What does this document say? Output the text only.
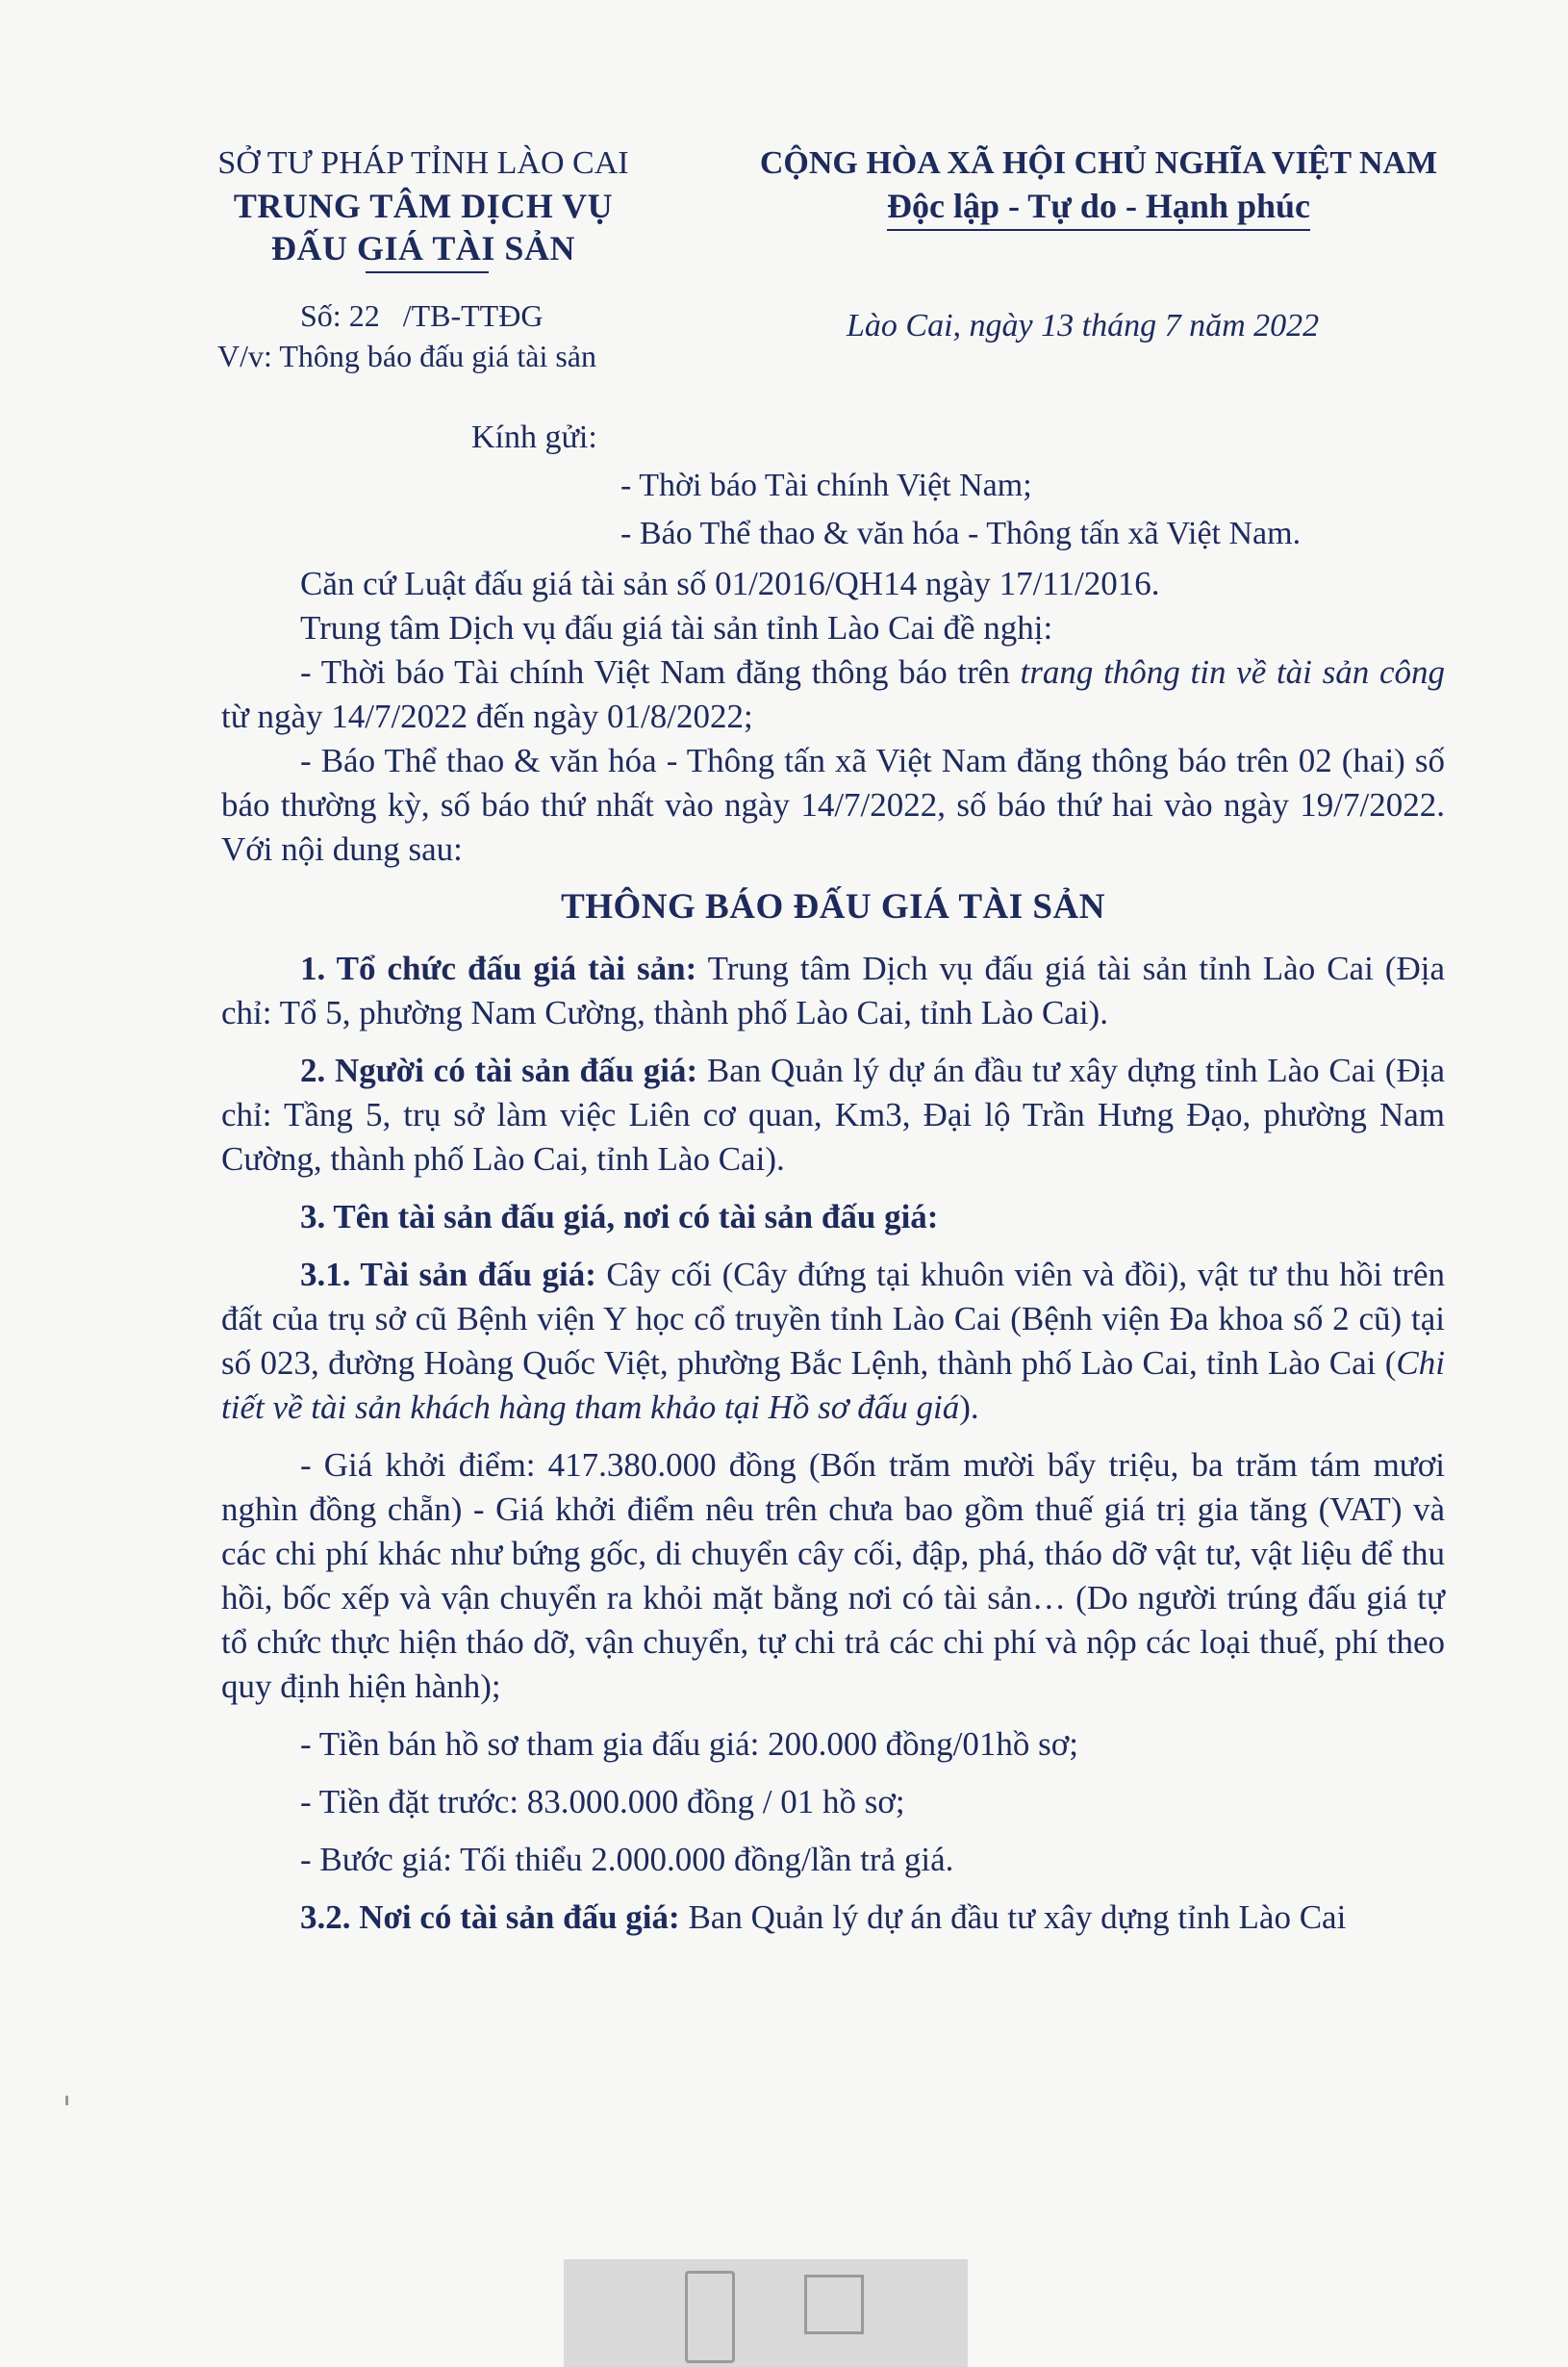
SỞ TƯ PHÁP TỈNH LÀO CAI
TRUNG TÂM DỊCH VỤ
ĐẤU GIÁ TÀI SẢN
CỘNG HÒA XÃ HỘI CHỦ NGHĨA VIỆT NAM
Độc lập - Tự do - Hạnh phúc
Số: 22   /TB-TTĐG
V/v: Thông báo đấu giá tài sản
Lào Cai, ngày 13 tháng 7 năm 2022
Kính gửi:
- Thời báo Tài chính Việt Nam;
- Báo Thể thao & văn hóa - Thông tấn xã Việt Nam.

Căn cứ Luật đấu giá tài sản số 01/2016/QH14 ngày 17/11/2016.

Trung tâm Dịch vụ đấu giá tài sản tỉnh Lào Cai đề nghị:

- Thời báo Tài chính Việt Nam đăng thông báo trên trang thông tin về tài sản công từ ngày 14/7/2022 đến ngày 01/8/2022;

- Báo Thể thao & văn hóa - Thông tấn xã Việt Nam đăng thông báo trên 02 (hai) số báo thường kỳ, số báo thứ nhất vào ngày 14/7/2022, số báo thứ hai vào ngày 19/7/2022. Với nội dung sau:

THÔNG BÁO ĐẤU GIÁ TÀI SẢN

1. Tổ chức đấu giá tài sản: Trung tâm Dịch vụ đấu giá tài sản tỉnh Lào Cai (Địa chỉ: Tổ 5, phường Nam Cường, thành phố Lào Cai, tỉnh Lào Cai).

2. Người có tài sản đấu giá: Ban Quản lý dự án đầu tư xây dựng tỉnh Lào Cai (Địa chỉ: Tầng 5, trụ sở làm việc Liên cơ quan, Km3, Đại lộ Trần Hưng Đạo, phường Nam Cường, thành phố Lào Cai, tỉnh Lào Cai).

3. Tên tài sản đấu giá, nơi có tài sản đấu giá:

3.1. Tài sản đấu giá: Cây cối (Cây đứng tại khuôn viên và đồi), vật tư thu hồi trên đất của trụ sở cũ Bệnh viện Y học cổ truyền tỉnh Lào Cai (Bệnh viện Đa khoa số 2 cũ) tại số 023, đường Hoàng Quốc Việt, phường Bắc Lệnh, thành phố Lào Cai, tỉnh Lào Cai (Chi tiết về tài sản khách hàng tham khảo tại Hồ sơ đấu giá).

- Giá khởi điểm: 417.380.000 đồng (Bốn trăm mười bẩy triệu, ba trăm tám mươi nghìn đồng chẵn) - Giá khởi điểm nêu trên chưa bao gồm thuế giá trị gia tăng (VAT) và các chi phí khác như bứng gốc, di chuyển cây cối, đập, phá, tháo dỡ vật tư, vật liệu để thu hồi, bốc xếp và vận chuyển ra khỏi mặt bằng nơi có tài sản… (Do người trúng đấu giá tự tổ chức thực hiện tháo dỡ, vận chuyển, tự chi trả các chi phí và nộp các loại thuế, phí theo quy định hiện hành);

- Tiền bán hồ sơ tham gia đấu giá: 200.000 đồng/01hồ sơ;

- Tiền đặt trước: 83.000.000 đồng / 01 hồ sơ;

- Bước giá: Tối thiểu 2.000.000 đồng/lần trả giá.

3.2. Nơi có tài sản đấu giá: Ban Quản lý dự án đầu tư xây dựng tỉnh Lào Cai
